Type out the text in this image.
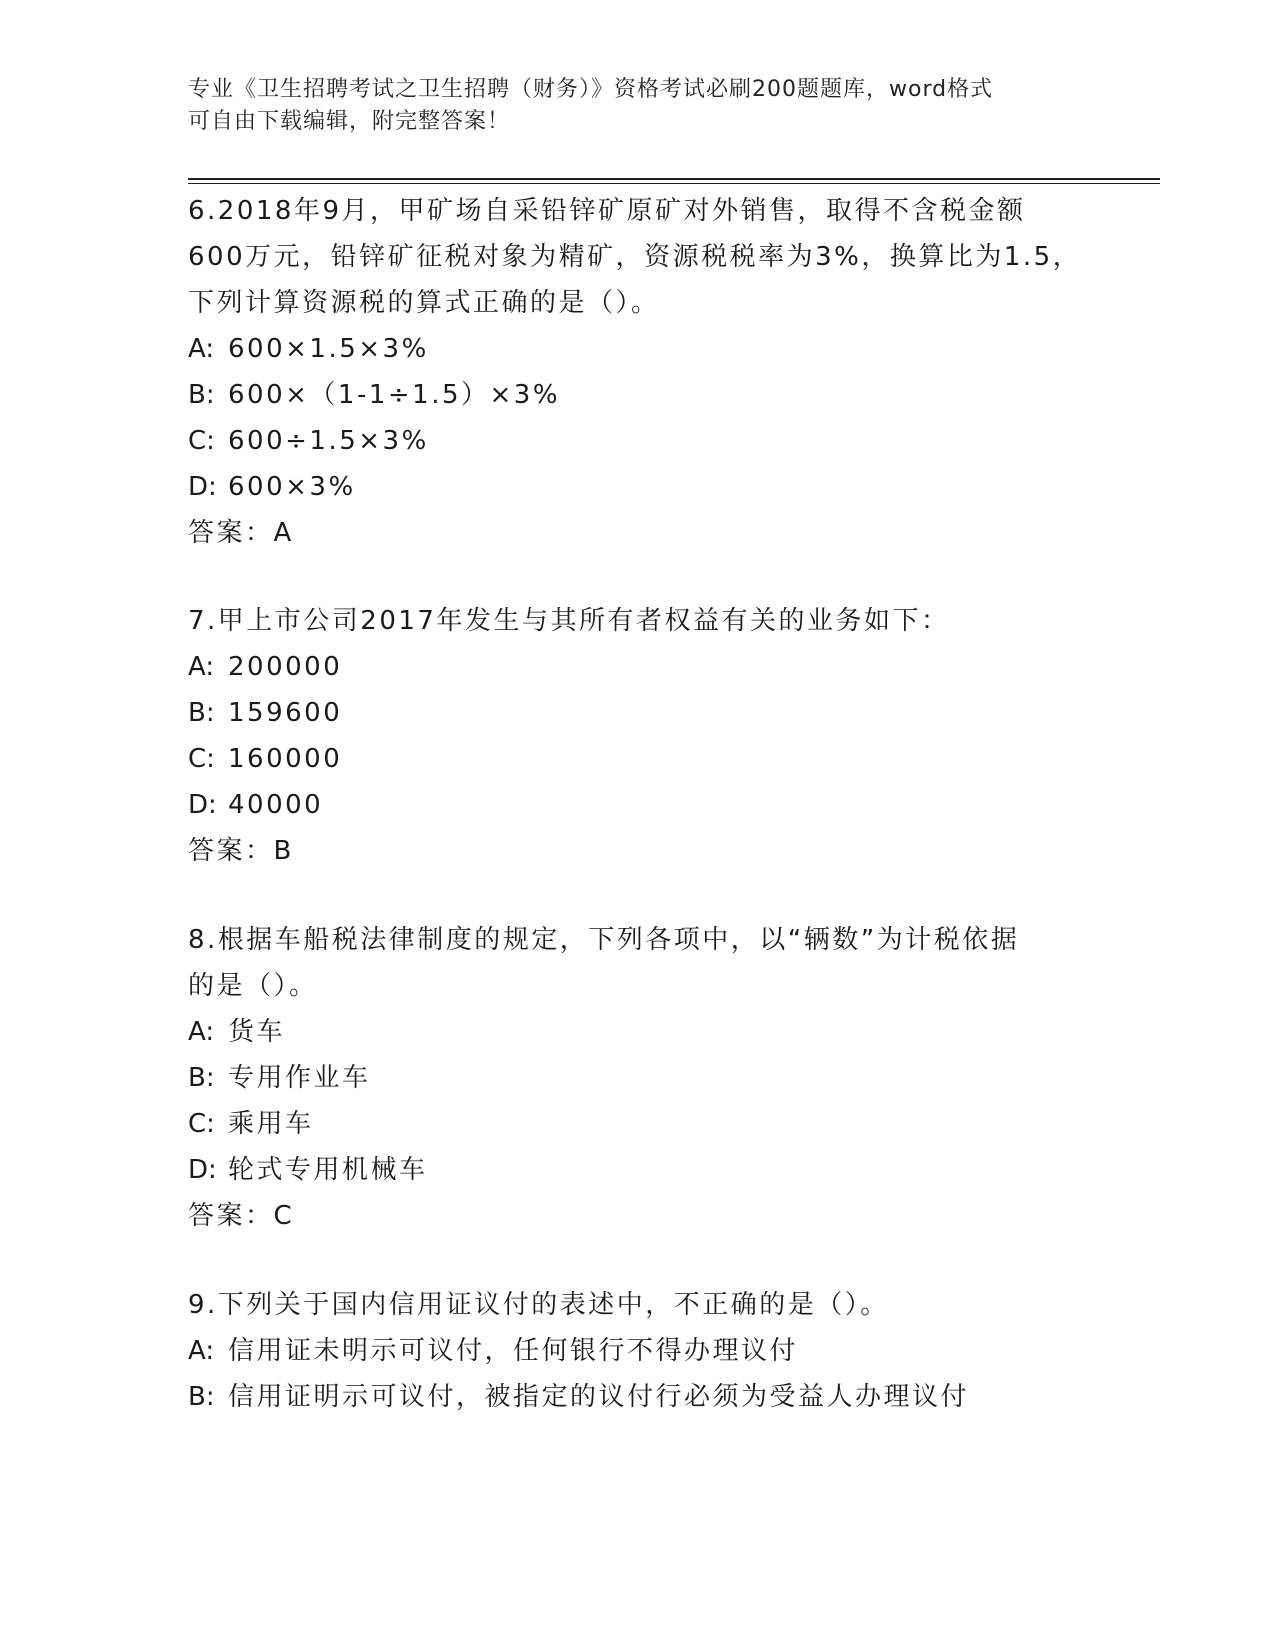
专业《卫生招聘考试之卫生招聘（财务）》资格考试必刷200题题库，word格式
可自由下载编辑，附完整答案！

6.2018年9月，甲矿场自采铅锌矿原矿对外销售，取得不含税金额

600万元，铅锌矿征税对象为精矿，资源税税率为3%，换算比为1.5，

下列计算资源税的算式正确的是（）。

A: 600×1.5×3%

B: 600×（1-1÷1.5）×3%

C: 600÷1.5×3%

D: 600×3%

答案：A

7.甲上市公司2017年发生与其所有者权益有关的业务如下：

A: 200000

B: 159600

C: 160000

D: 40000

答案：B

8.根据车船税法律制度的规定，下列各项中，以“辆数”为计税依据

的是（）。

A: 货车

B: 专用作业车

C: 乘用车

D: 轮式专用机械车

答案：C

9.下列关于国内信用证议付的表述中，不正确的是（）。

A: 信用证未明示可议付，任何银行不得办理议付

B: 信用证明示可议付，被指定的议付行必须为受益人办理议付
